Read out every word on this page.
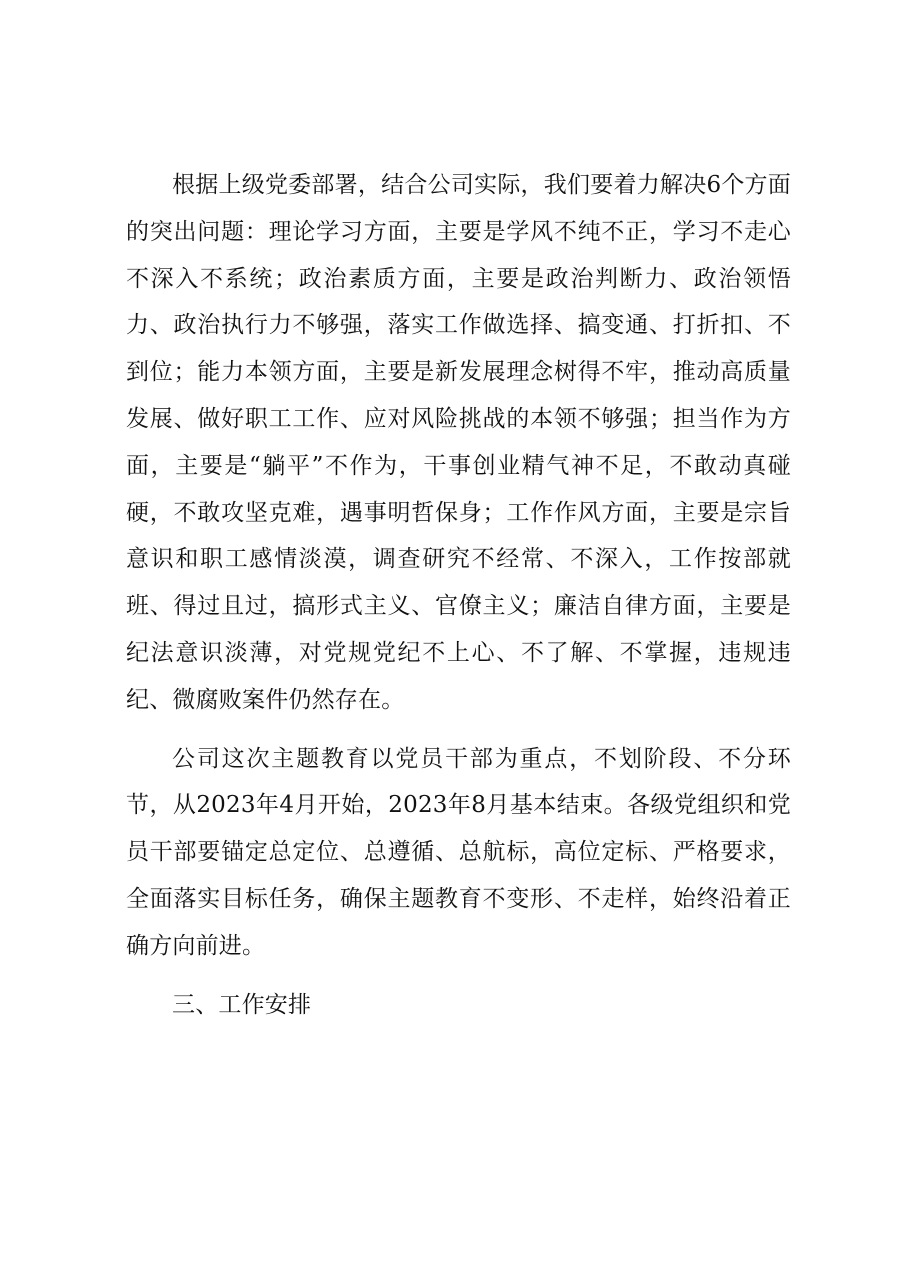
根据上级党委部署，结合公司实际，我们要着力解决6个方面的突出问题：理论学习方面，主要是学风不纯不正，学习不走心不深入不系统；政治素质方面，主要是政治判断力、政治领悟力、政治执行力不够强，落实工作做选择、搞变通、打折扣、不到位；能力本领方面，主要是新发展理念树得不牢，推动高质量发展、做好职工工作、应对风险挑战的本领不够强；担当作为方面，主要是“躺平”不作为，干事创业精气神不足，不敢动真碰硬，不敢攻坚克难，遇事明哲保身；工作作风方面，主要是宗旨意识和职工感情淡漠，调查研究不经常、不深入，工作按部就班、得过且过，搞形式主义、官僚主义；廉洁自律方面，主要是纪法意识淡薄，对党规党纪不上心、不了解、不掌握，违规违纪、微腐败案件仍然存在。

公司这次主题教育以党员干部为重点，不划阶段、不分环节，从2023年4月开始，2023年8月基本结束。各级党组织和党员干部要锚定总定位、总遵循、总航标，高位定标、严格要求，全面落实目标任务，确保主题教育不变形、不走样，始终沿着正确方向前进。

三、工作安排
